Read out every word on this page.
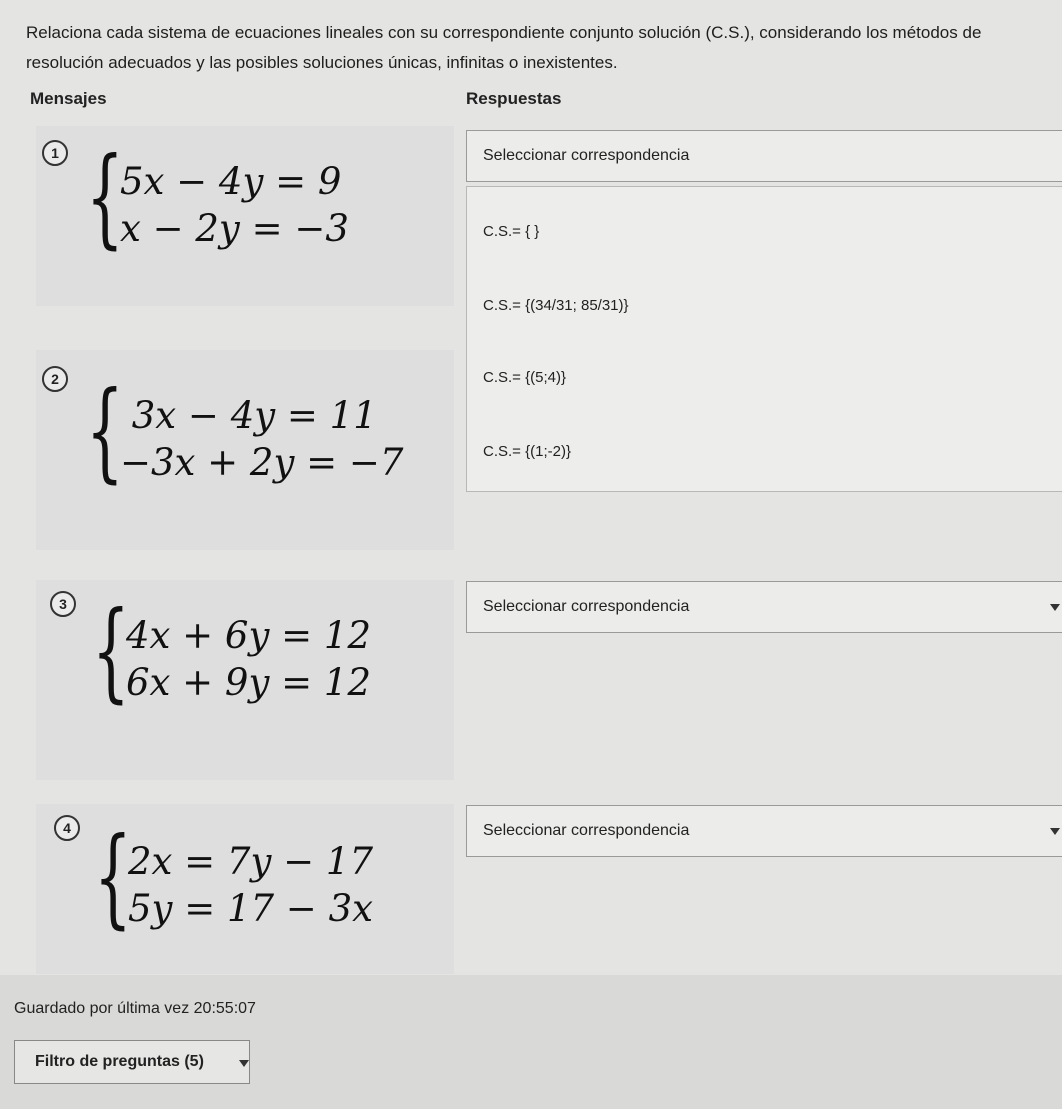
Relaciona cada sistema de ecuaciones lineales con su correspondiente conjunto solución (C.S.), considerando los métodos de resolución adecuados y las posibles soluciones únicas, infinitas o inexistentes.
Mensajes	Respuestas
1 {
5x − 4y = 9
x − 2y = −3
Seleccionar correspondencia
C.S.= { }
C.S.= {(34/31; 85/31)}
C.S.= {(5;4)}
C.S.= {(1;-2)}
2 {
3x − 4y = 11
−3x + 2y = −7
3 {
4x + 6y = 12
6x + 9y = 12
Seleccionar correspondencia
4 {
2x = 7y − 17
5y = 17 − 3x
Seleccionar correspondencia
Guardado por última vez 20:55:07
Filtro de preguntas (5)
